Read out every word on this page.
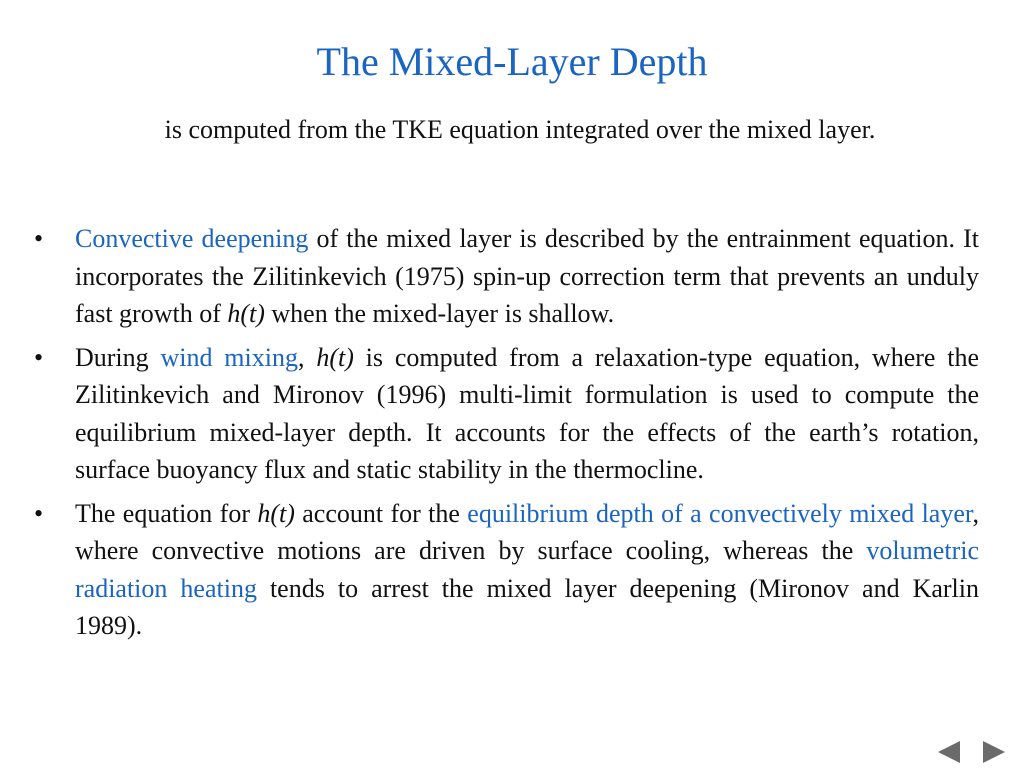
The Mixed-Layer Depth
is computed from the TKE equation integrated over the mixed layer.
•	Convective deepening of the mixed layer is described by the entrainment equation. It incorporates the Zilitinkevich (1975) spin-up correction term that prevents an unduly fast growth of h(t) when the mixed-layer is shallow.
•	During wind mixing, h(t) is computed from a relaxation-type equation, where the Zilitinkevich and Mironov (1996) multi-limit formulation is used to compute the equilibrium mixed-layer depth. It accounts for the effects of the earth’s rotation, surface buoyancy flux and static stability in the thermocline.
•	The equation for h(t) account for the equilibrium depth of a convectively mixed layer, where convective motions are driven by surface cooling, whereas the volumetric radiation heating tends to arrest the mixed layer deepening (Mironov and Karlin 1989).
